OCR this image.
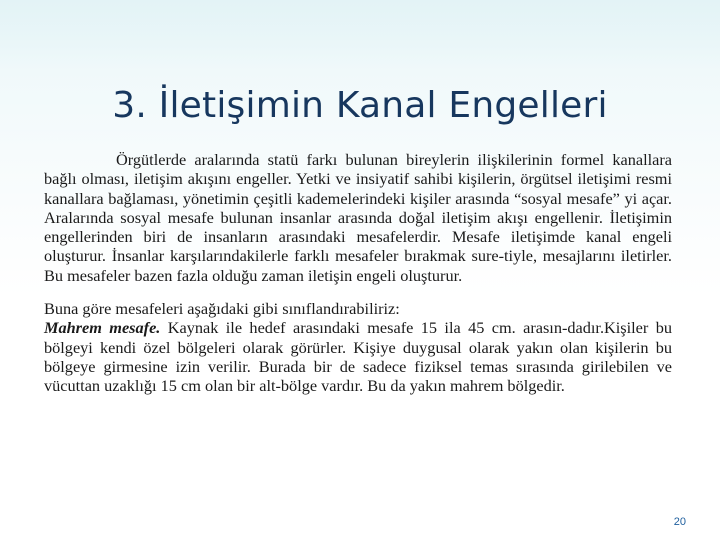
3. İletişimin Kanal Engelleri

Örgütlerde aralarında statü farkı bulunan bireylerin ilişkilerinin formel kanallara bağlı olması, iletişim akışını engeller. Yetki ve insiyatif sahibi kişilerin, örgütsel iletişimi resmi kanallara bağlaması, yönetimin çeşitli kademelerindeki kişiler arasında “sosyal mesafe” yi açar. Aralarında sosyal mesafe bulunan insanlar arasında doğal iletişim akışı engellenir. İletişimin engellerinden biri de insanların arasındaki mesafelerdir. Mesafe iletişimde kanal engeli oluşturur. İnsanlar karşılarındakilerle farklı mesafeler bırakmak sure-tiyle, mesajlarını iletirler. Bu mesafeler bazen fazla olduğu zaman iletişin engeli oluşturur.

Buna göre mesafeleri aşağıdaki gibi sınıflandırabiliriz:

Mahrem mesafe. Kaynak ile hedef arasındaki mesafe 15 ila 45 cm. arasın-dadır.Kişiler bu bölgeyi kendi özel bölgeleri olarak görürler. Kişiye duygusal olarak yakın olan kişilerin bu bölgeye girmesine izin verilir. Burada bir de sadece fiziksel temas sırasında girilebilen ve vücuttan uzaklığı 15 cm olan bir alt-bölge vardır. Bu da yakın mahrem bölgedir.

20
